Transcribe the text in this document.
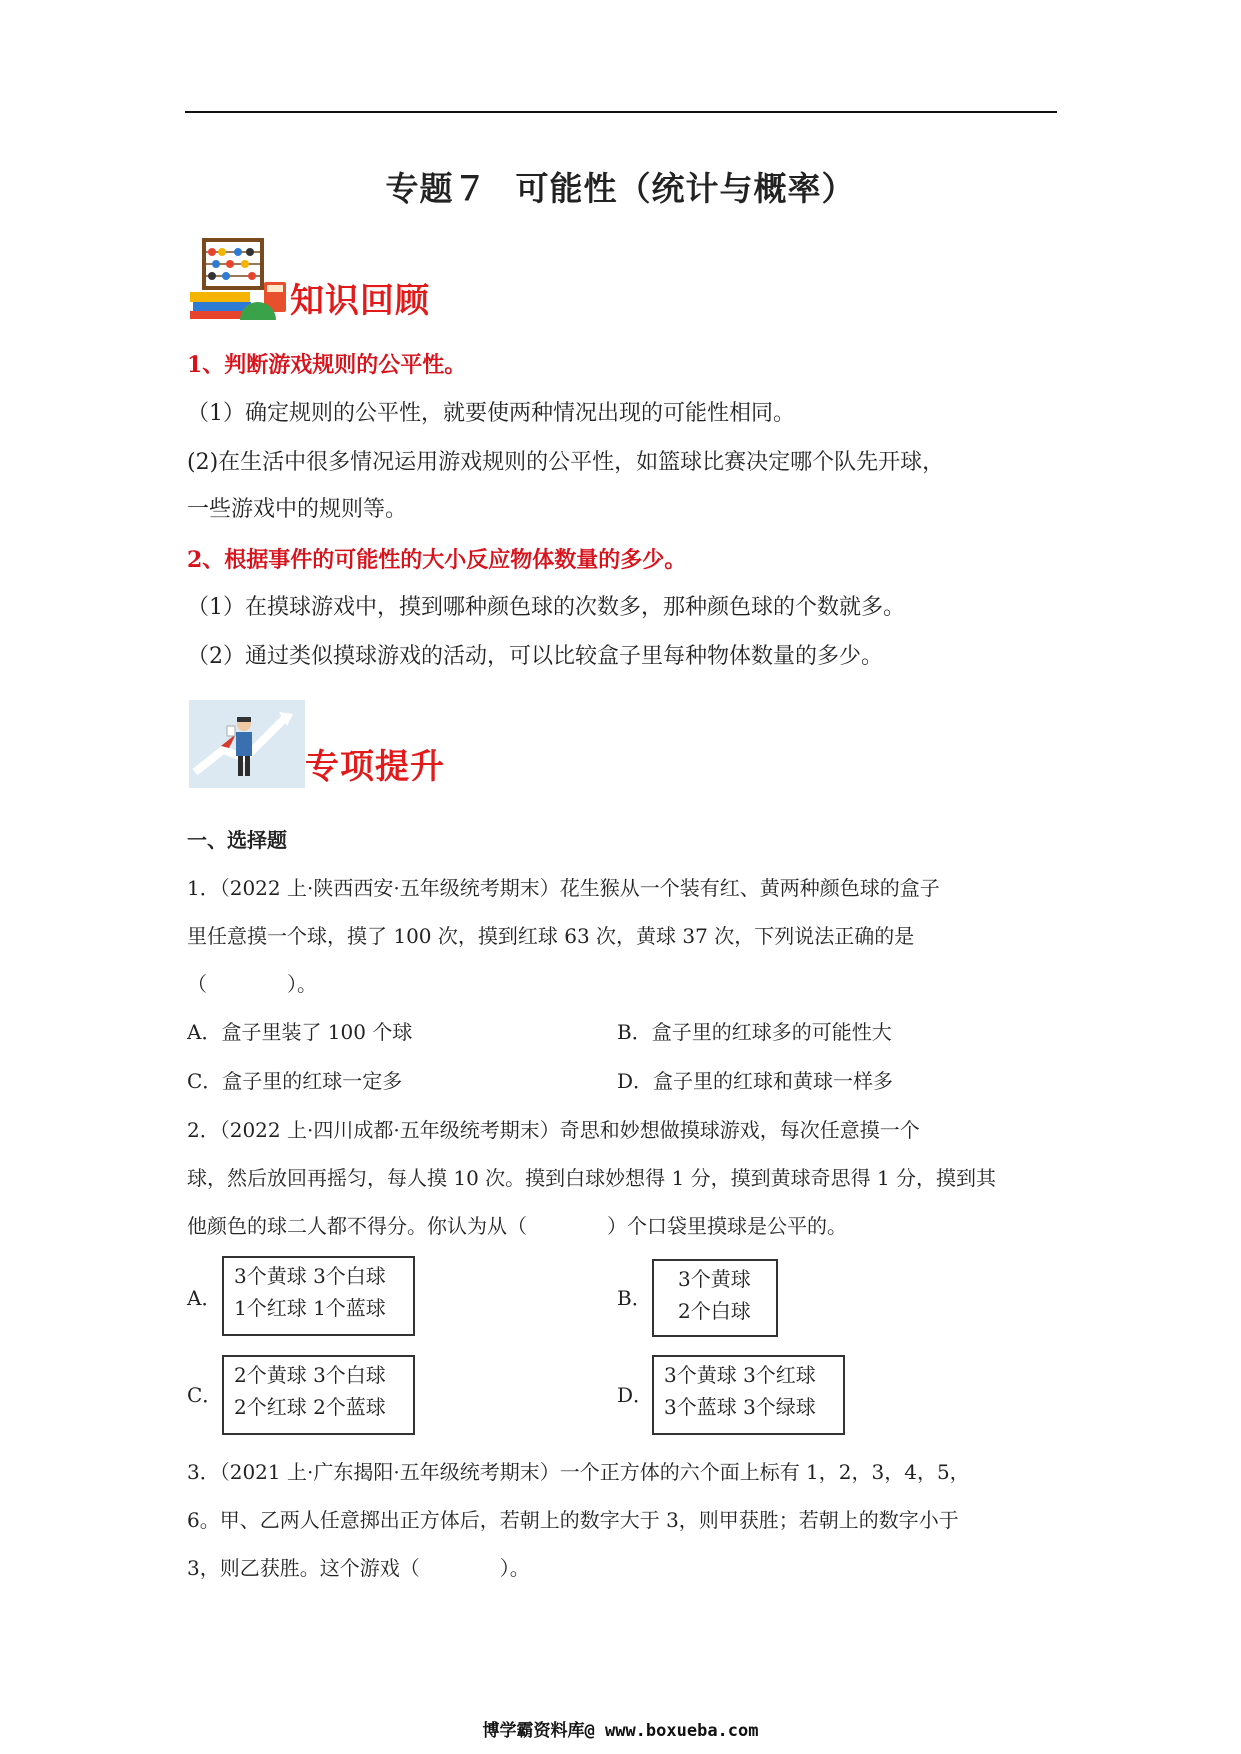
专题７ 可能性（统计与概率）
知识回顾
1、判断游戏规则的公平性。
（1）确定规则的公平性，就要使两种情况出现的可能性相同。
(2)在生活中很多情况运用游戏规则的公平性，如篮球比赛决定哪个队先开球，
一些游戏中的规则等。
2、根据事件的可能性的大小反应物体数量的多少。
（1）在摸球游戏中，摸到哪种颜色球的次数多，那种颜色球的个数就多。
（2）通过类似摸球游戏的活动，可以比较盒子里每种物体数量的多少。
专项提升
一、选择题
1．（2022 上·陕西西安·五年级统考期末）花生猴从一个装有红、黄两种颜色球的盒子
里任意摸一个球，摸了 100 次，摸到红球 63 次，黄球 37 次，下列说法正确的是
（　　　　）。
A．盒子里装了 100 个球	B．盒子里的红球多的可能性大
C．盒子里的红球一定多	D．盒子里的红球和黄球一样多
2．（2022 上·四川成都·五年级统考期末）奇思和妙想做摸球游戏，每次任意摸一个
球，然后放回再摇匀，每人摸 10 次。摸到白球妙想得 1 分，摸到黄球奇思得 1 分，摸到其
他颜色的球二人都不得分。你认为从（　　　　）个口袋里摸球是公平的。
A．
3个黄球 3个白球
1个红球 1个蓝球	B．
3个黄球
2个白球
C．
2个黄球 3个白球
2个红球 2个蓝球	D．
3个黄球 3个红球
3个蓝球 3个绿球
3．（2021 上·广东揭阳·五年级统考期末）一个正方体的六个面上标有 1，2，3，4，5，
6。甲、乙两人任意掷出正方体后，若朝上的数字大于 3，则甲获胜；若朝上的数字小于
3，则乙获胜。这个游戏（　　　　）。
博学霸资料库@ www.boxueba.com
